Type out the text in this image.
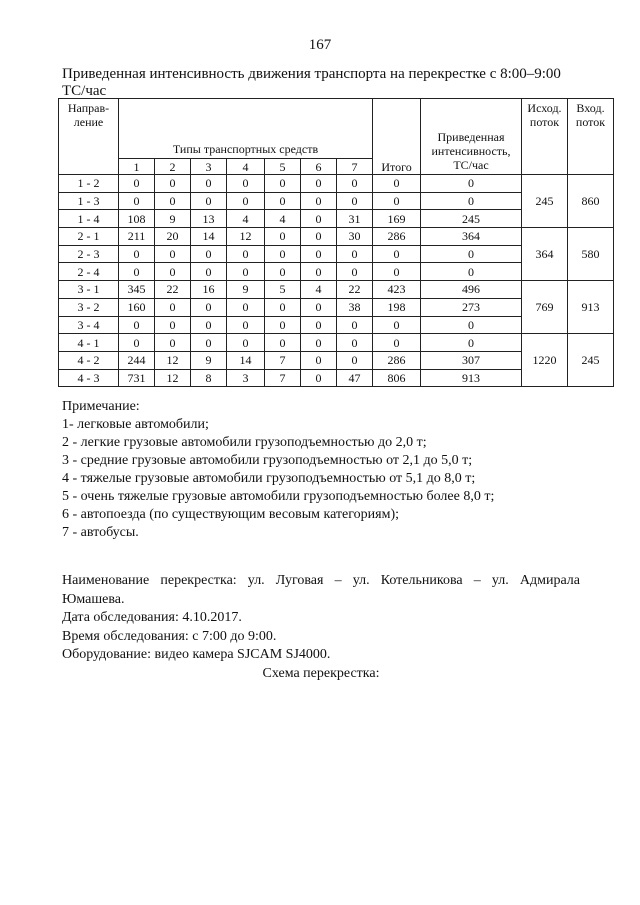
167
Приведенная интенсивность движения транспорта на перекрестке с 8:00–9:00 ТС/час
Направ-ление	Типы транспортных средств							Итого	Приведенная интенсивность, ТС/час	Исход. поток	Вход. поток
	1	2	3	4	5	6	7				
1 - 2	0	0	0	0	0	0	0	0	0	245	860
1 - 3	0	0	0	0	0	0	0	0	0		
1 - 4	108	9	13	4	4	0	31	169	245		
2 - 1	211	20	14	12	0	0	30	286	364	364	580
2 - 3	0	0	0	0	0	0	0	0	0		
2 - 4	0	0	0	0	0	0	0	0	0		
3 - 1	345	22	16	9	5	4	22	423	496	769	913
3 - 2	160	0	0	0	0	0	38	198	273		
3 - 4	0	0	0	0	0	0	0	0	0		
4 - 1	0	0	0	0	0	0	0	0	0	1220	245
4 - 2	244	12	9	14	7	0	0	286	307		
4 - 3	731	12	8	3	7	0	47	806	913		
Примечание:
1- легковые автомобили;
2 - легкие грузовые автомобили грузоподъемностью до 2,0 т;
3 - средние грузовые автомобили грузоподъемностью от 2,1 до 5,0 т;
4 - тяжелые грузовые автомобили грузоподъемностью от 5,1 до 8,0 т;
5 - очень тяжелые грузовые автомобили грузоподъемностью более 8,0 т;
6 - автопоезда (по существующим весовым категориям);
7 - автобусы.
Наименование перекрестка: ул. Луговая – ул. Котельникова – ул. Адмирала
Юмашева.
Дата обследования: 4.10.2017.
Время обследования: с 7:00 до 9:00.
Оборудование: видео камера SJCAM SJ4000.
Схема перекрестка:
